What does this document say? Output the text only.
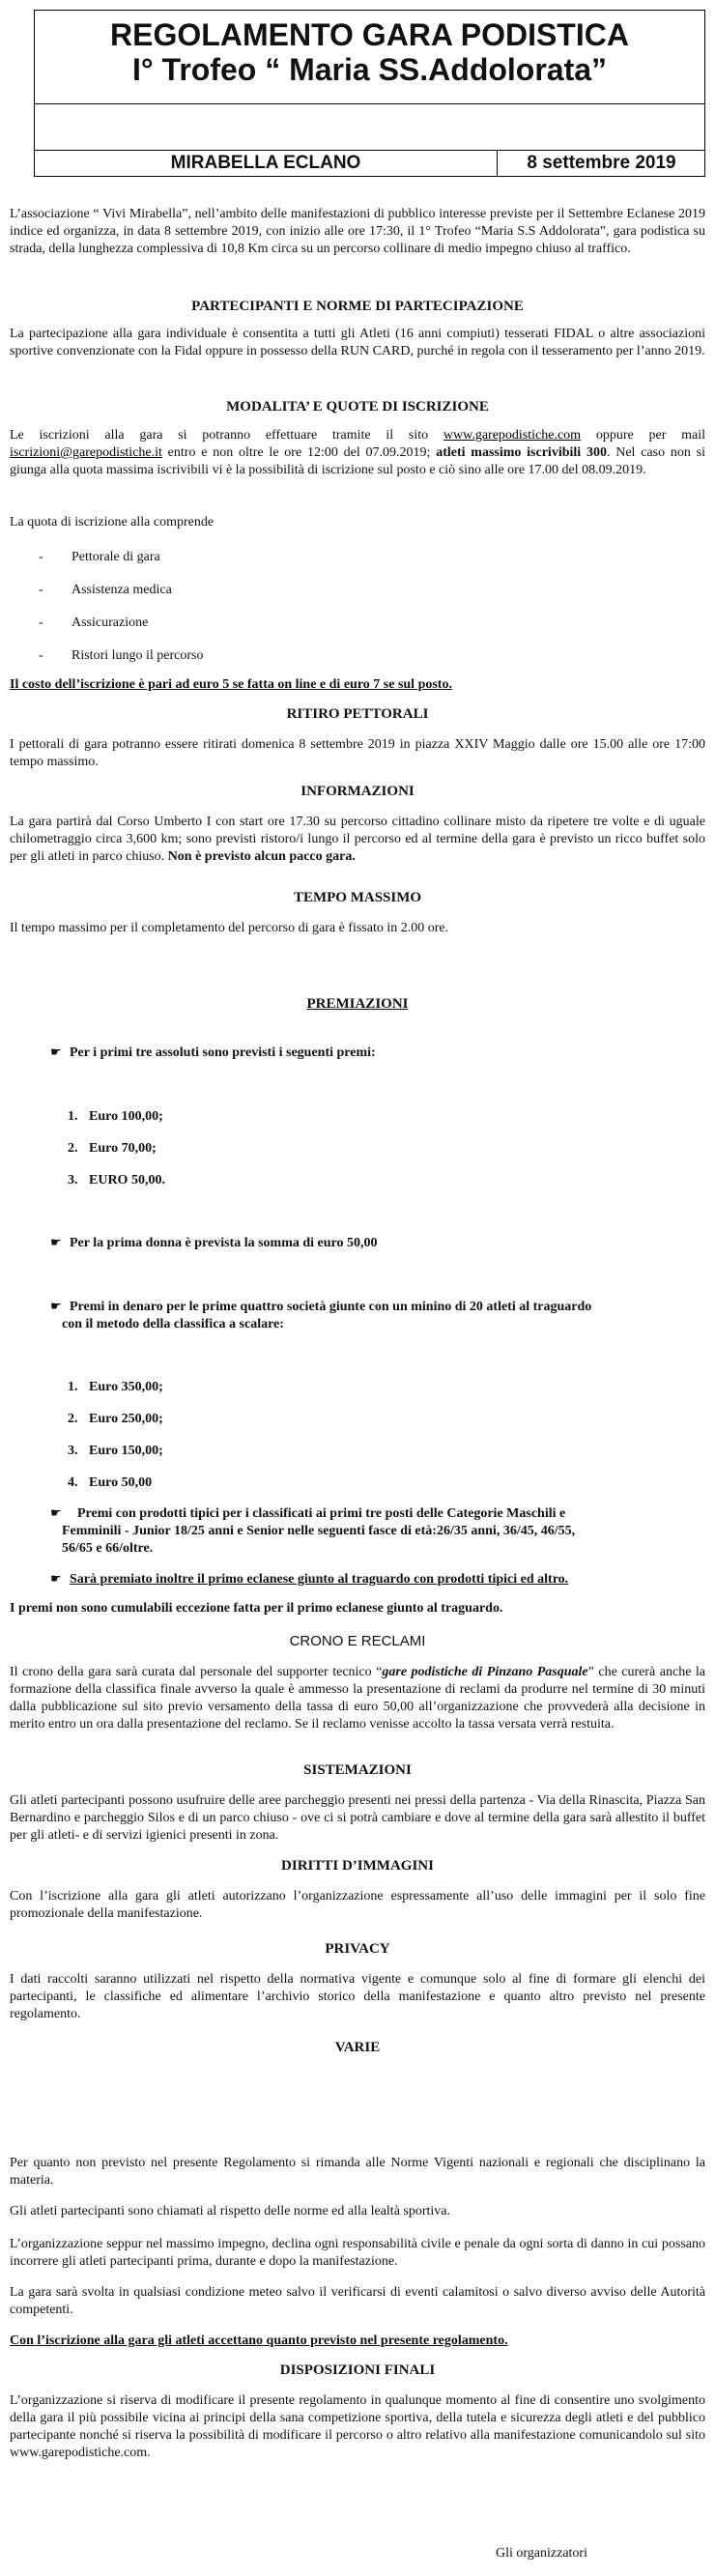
REGOLAMENTO GARA PODISTICA
I° Trofeo “ Maria SS.Addolorata”
MIRABELLA ECLANO	8 settembre 2019
L’associazione “ Vivi Mirabella”, nell’ambito delle manifestazioni di pubblico interesse previste per il Settembre Eclanese 2019 indice ed organizza, in data 8 settembre 2019, con inizio alle ore 17:30, il 1° Trofeo “Maria S.S Addolorata”, gara podistica su strada, della lunghezza complessiva di 10,8 Km circa su un percorso collinare di medio impegno chiuso al traffico.
PARTECIPANTI E NORME DI PARTECIPAZIONE
La partecipazione alla gara individuale è consentita a tutti gli Atleti (16 anni compiuti) tesserati FIDAL o altre associazioni sportive convenzionate con la Fidal oppure in possesso della RUN CARD, purché in regola con il tesseramento per l’anno 2019.
MODALITA’ E QUOTE DI ISCRIZIONE
Le iscrizioni alla gara si potranno effettuare tramite il sito www.garepodistiche.com oppure per mail iscrizioni@garepodistiche.it entro e non oltre le ore 12:00 del 07.09.2019; atleti massimo iscrivibili 300. Nel caso non si giunga alla quota massima iscrivibili vi è la possibilità di iscrizione sul posto e ciò sino alle ore 17.00 del 08.09.2019.
La quota di iscrizione alla comprende
- Pettorale di gara
- Assistenza medica
- Assicurazione
- Ristori lungo il percorso
Il costo dell’iscrizione è pari ad euro 5 se fatta on line e di euro 7 se sul posto.
RITIRO PETTORALI
I pettorali di gara potranno essere ritirati domenica 8 settembre 2019 in piazza XXIV Maggio dalle ore 15.00 alle ore 17:00 tempo massimo.
INFORMAZIONI
La gara partirà dal Corso Umberto I con start ore 17.30 su percorso cittadino collinare misto da ripetere tre volte e di uguale chilometraggio circa 3,600 km; sono previsti ristoro/i lungo il percorso ed al termine della gara è previsto un ricco buffet solo per gli atleti in parco chiuso. Non è previsto alcun pacco gara.
TEMPO MASSIMO
Il tempo massimo per il completamento del percorso di gara è fissato in 2.00 ore.
PREMIAZIONI
☛ Per i primi tre assoluti sono previsti i seguenti premi:
1. Euro 100,00;
2. Euro 70,00;
3. EURO 50,00.
☛ Per la prima donna è prevista la somma di euro 50,00
☛ Premi in denaro per le prime quattro società giunte con un minino di 20 atleti al traguardo
con il metodo della classifica a scalare:
1. Euro 350,00;
2. Euro 250,00;
3. Euro 150,00;
4. Euro 50,00
☛ Premi con prodotti tipici per i classificati ai primi tre posti delle Categorie Maschili e
Femminili - Junior 18/25 anni e Senior nelle seguenti fasce di età:26/35 anni, 36/45, 46/55,
56/65 e 66/oltre.
☛ Sarà premiato inoltre il primo eclanese giunto al traguardo con prodotti tipici ed altro.
I premi non sono cumulabili eccezione fatta per il primo eclanese giunto al traguardo.
CRONO E RECLAMI
Il crono della gara sarà curata dal personale del supporter tecnico “gare podistiche di Pinzano Pasquale” che curerà anche la formazione della classifica finale avverso la quale è ammesso la presentazione di reclami da produrre nel termine di 30 minuti dalla pubblicazione sul sito previo versamento della tassa di euro 50,00 all’organizzazione che provvederà alla decisione in merito entro un ora dalla presentazione del reclamo. Se il reclamo venisse accolto la tassa versata verrà restuita.
SISTEMAZIONI
Gli atleti partecipanti possono usufruire delle aree parcheggio presenti nei pressi della partenza - Via della Rinascita, Piazza San Bernardino e parcheggio Silos e di un parco chiuso - ove ci si potrà cambiare e dove al termine della gara sarà allestito il buffet per gli atleti- e di servizi igienici presenti in zona.
DIRITTI D’IMMAGINI
Con l’iscrizione alla gara gli atleti autorizzano l’organizzazione espressamente all’uso delle immagini per il solo fine promozionale della manifestazione.
PRIVACY
I dati raccolti saranno utilizzati nel rispetto della normativa vigente e comunque solo al fine di formare gli elenchi dei partecipanti, le classifiche ed alimentare l’archivio storico della manifestazione e quanto altro previsto nel presente regolamento.
VARIE
Per quanto non previsto nel presente Regolamento si rimanda alle Norme Vigenti nazionali e regionali che disciplinano la materia.
Gli atleti partecipanti sono chiamati al rispetto delle norme ed alla lealtà sportiva.
L’organizzazione seppur nel massimo impegno, declina ogni responsabilità civile e penale da ogni sorta di danno in cui possano incorrere gli atleti partecipanti prima, durante e dopo la manifestazione.
La gara sarà svolta in qualsiasi condizione meteo salvo il verificarsi di eventi calamitosi o salvo diverso avviso delle Autorità competenti.
Con l’iscrizione alla gara gli atleti accettano quanto previsto nel presente regolamento.
DISPOSIZIONI FINALI
L’organizzazione si riserva di modificare il presente regolamento in qualunque momento al fine di consentire uno svolgimento della gara il più possibile vicina ai principi della sana competizione sportiva, della tutela e sicurezza degli atleti e del pubblico partecipante nonché si riserva la possibilità di modificare il percorso o altro relativo alla manifestazione comunicandolo sul sito www.garepodistiche.com.
Gli organizzatori
